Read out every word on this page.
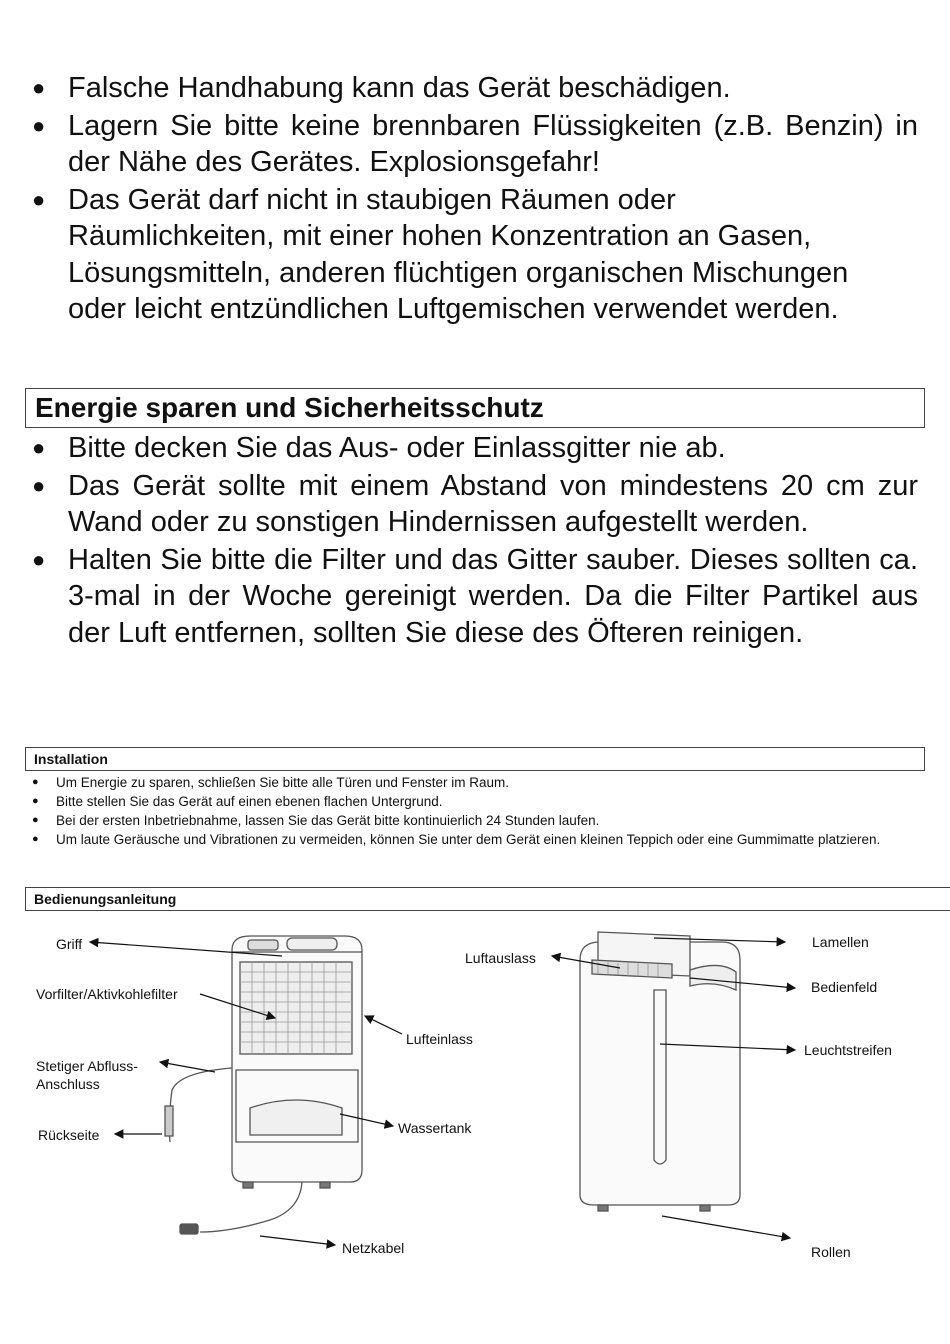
● Falsche Handhabung kann das Gerät beschädigen.
● Lagern Sie bitte keine brennbaren Flüssigkeiten (z.B. Benzin) in der Nähe des Gerätes. Explosionsgefahr!
● Das Gerät darf nicht in staubigen Räumen oder Räumlichkeiten, mit einer hohen Konzentration an Gasen, Lösungsmitteln, anderen flüchtigen organischen Mischungen oder leicht entzündlichen Luftgemischen verwendet werden.
Energie sparen und Sicherheitsschutz
● Bitte decken Sie das Aus- oder Einlassgitter nie ab.
● Das Gerät sollte mit einem Abstand von mindestens 20 cm zur Wand oder zu sonstigen Hindernissen aufgestellt werden.
● Halten Sie bitte die Filter und das Gitter sauber. Dieses sollten ca. 3-mal in der Woche gereinigt werden. Da die Filter Partikel aus der Luft entfernen, sollten Sie diese des Öfteren reinigen.
Installation
● Um Energie zu sparen, schließen Sie bitte alle Türen und Fenster im Raum.
● Bitte stellen Sie das Gerät auf einen ebenen flachen Untergrund.
● Bei der ersten Inbetriebnahme, lassen Sie das Gerät bitte kontinuierlich 24 Stunden laufen.
● Um laute Geräusche und Vibrationen zu vermeiden, können Sie unter dem Gerät einen kleinen Teppich oder eine Gummimatte platzieren.
Bedienungsanleitung
Griff
Vorfilter/Aktivkohlefilter
Stetiger Abfluss-
Anschluss
Rückseite
Lufteinlass
Wassertank
Netzkabel
Luftauslass
Lamellen
Bedienfeld
Leuchtstreifen
Rollen
